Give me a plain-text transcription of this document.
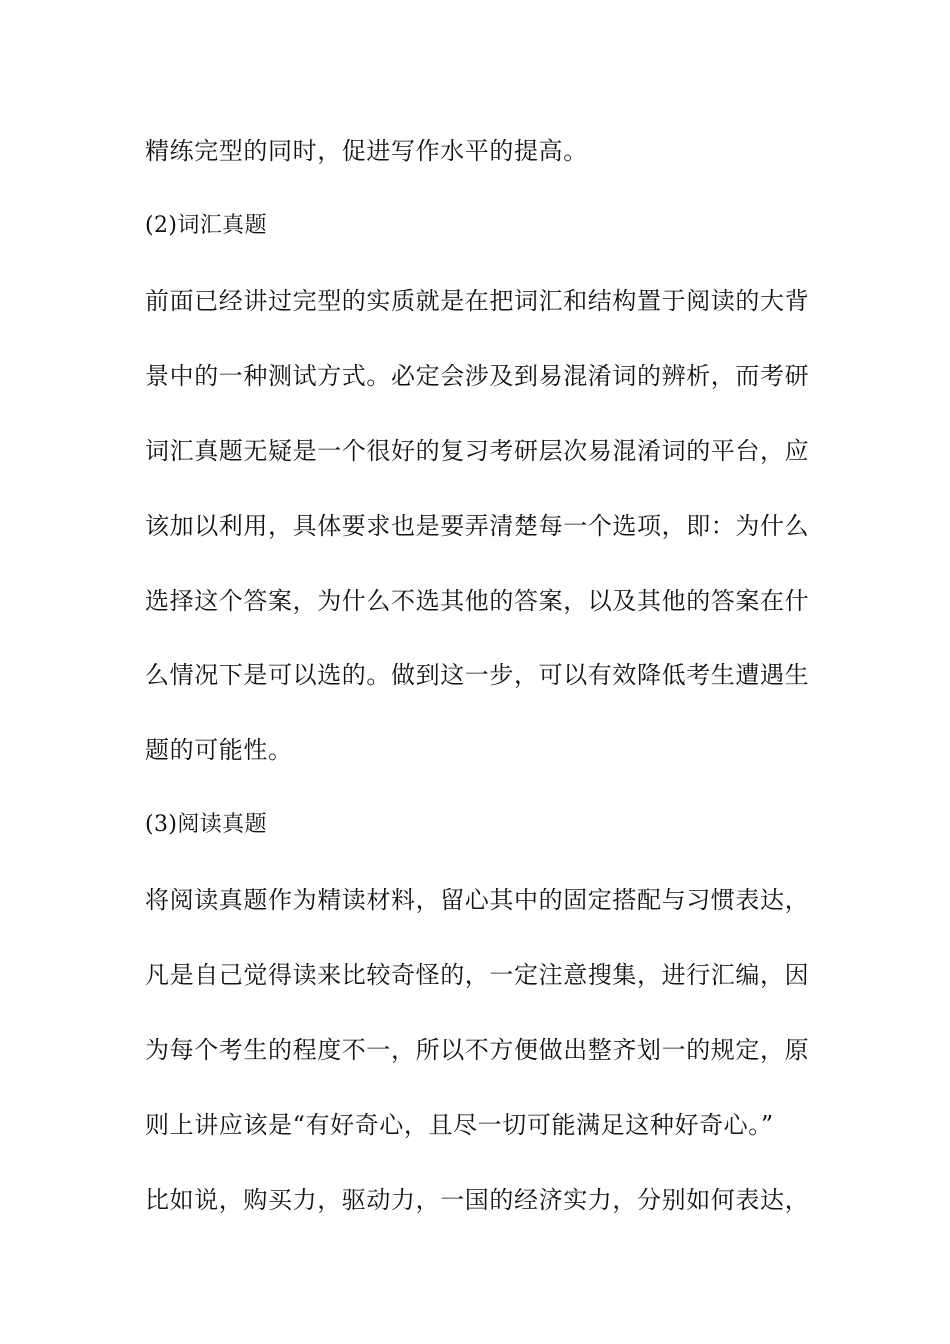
精练完型的同时，促进写作水平的提高。
(2)词汇真题
前面已经讲过完型的实质就是在把词汇和结构置于阅读的大背
景中的一种测试方式。必定会涉及到易混淆词的辨析，而考研
词汇真题无疑是一个很好的复习考研层次易混淆词的平台，应
该加以利用，具体要求也是要弄清楚每一个选项，即：为什么
选择这个答案，为什么不选其他的答案，以及其他的答案在什
么情况下是可以选的。做到这一步，可以有效降低考生遭遇生
题的可能性。
(3)阅读真题
将阅读真题作为精读材料，留心其中的固定搭配与习惯表达，
凡是自己觉得读来比较奇怪的，一定注意搜集，进行汇编，因
为每个考生的程度不一，所以不方便做出整齐划一的规定，原
则上讲应该是“有好奇心，且尽一切可能满足这种好奇心。”
比如说，购买力，驱动力，一国的经济实力，分别如何表达，
